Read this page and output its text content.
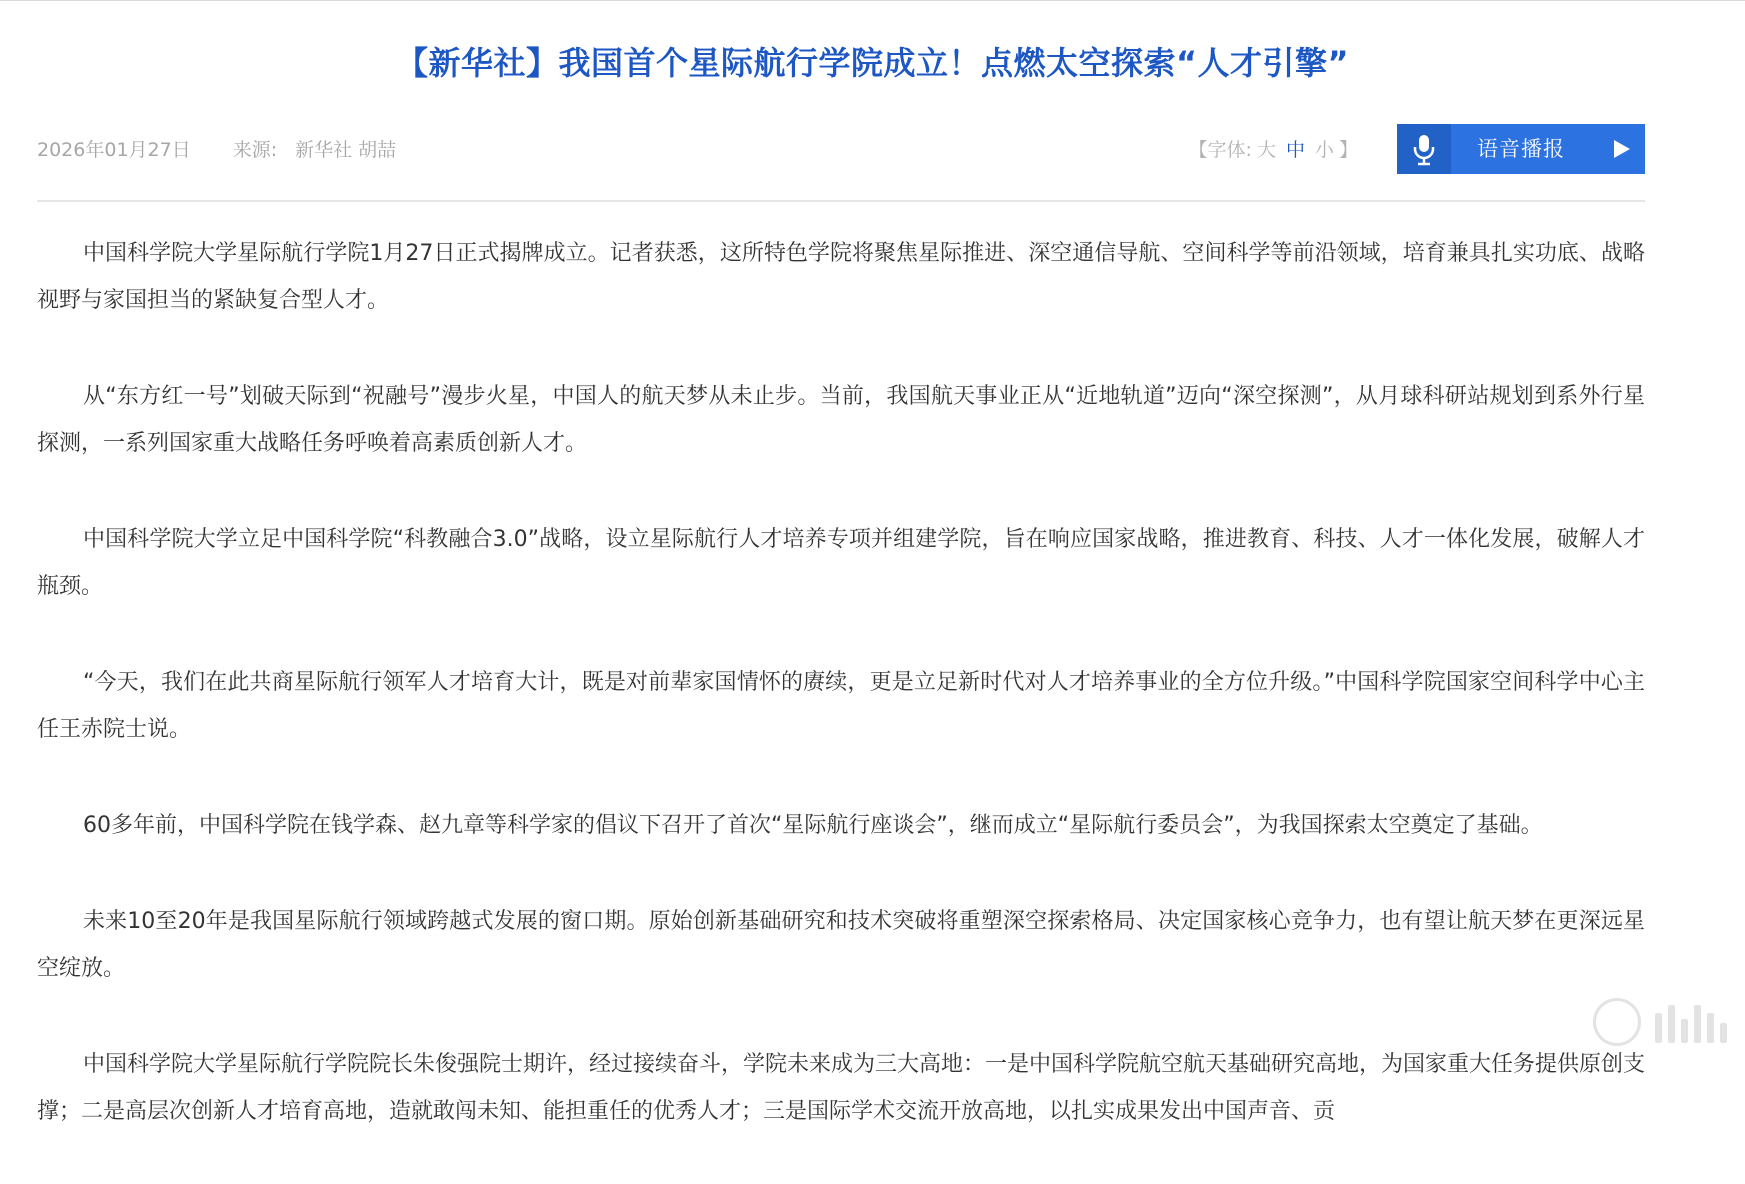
【新华社】我国首个星际航行学院成立！点燃太空探索“人才引擎”
2026年01月27日 来源: 新华社 胡喆	【字体: 大 中 小 】	语音播报

中国科学院大学星际航行学院1月27日正式揭牌成立。记者获悉，这所特色学院将聚焦星际推进、深空通信导航、空间科学等前沿领域，培育兼具扎实功底、战略视野与家国担当的紧缺复合型人才。

从“东方红一号”划破天际到“祝融号”漫步火星，中国人的航天梦从未止步。当前，我国航天事业正从“近地轨道”迈向“深空探测”，从月球科研站规划到系外行星探测，一系列国家重大战略任务呼唤着高素质创新人才。

中国科学院大学立足中国科学院“科教融合3.0”战略，设立星际航行人才培养专项并组建学院，旨在响应国家战略，推进教育、科技、人才一体化发展，破解人才瓶颈。

“今天，我们在此共商星际航行领军人才培育大计，既是对前辈家国情怀的赓续，更是立足新时代对人才培养事业的全方位升级。”中国科学院国家空间科学中心主任王赤院士说。

60多年前，中国科学院在钱学森、赵九章等科学家的倡议下召开了首次“星际航行座谈会”，继而成立“星际航行委员会”，为我国探索太空奠定了基础。

未来10至20年是我国星际航行领域跨越式发展的窗口期。原始创新基础研究和技术突破将重塑深空探索格局、决定国家核心竞争力，也有望让航天梦在更深远星空绽放。

中国科学院大学星际航行学院院长朱俊强院士期许，经过接续奋斗，学院未来成为三大高地：一是中国科学院航空航天基础研究高地，为国家重大任务提供原创支撑；二是高层次创新人才培育高地，造就敢闯未知、能担重任的优秀人才；三是国际学术交流开放高地，以扎实成果发出中国声音、贡
